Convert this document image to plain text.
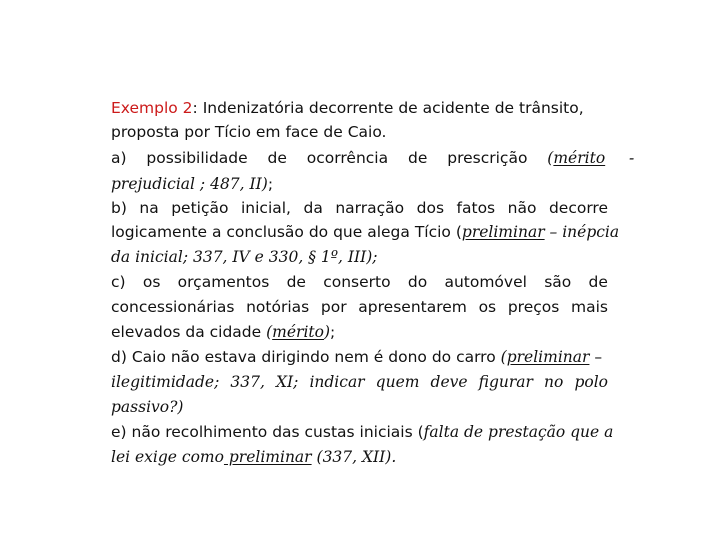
Exemplo 2: Indenizatória decorrente de acidente de trânsito,
proposta por Tício em face de Caio.
a) possibilidade de ocorrência de prescrição (mérito -
prejudicial ; 487, II);
b) na petição inicial, da narração dos fatos não decorre
logicamente a conclusão do que alega Tício (preliminar – inépcia
da inicial; 337, IV e 330, § 1º, III);
c) os orçamentos de conserto do automóvel são de
concessionárias notórias por apresentarem os preços mais
elevados da cidade (mérito);
d) Caio não estava dirigindo nem é dono do carro (preliminar –
ilegitimidade; 337, XI; indicar quem deve figurar no polo
passivo?)
e) não recolhimento das custas iniciais (falta de prestação que a
lei exige como preliminar (337, XII).
